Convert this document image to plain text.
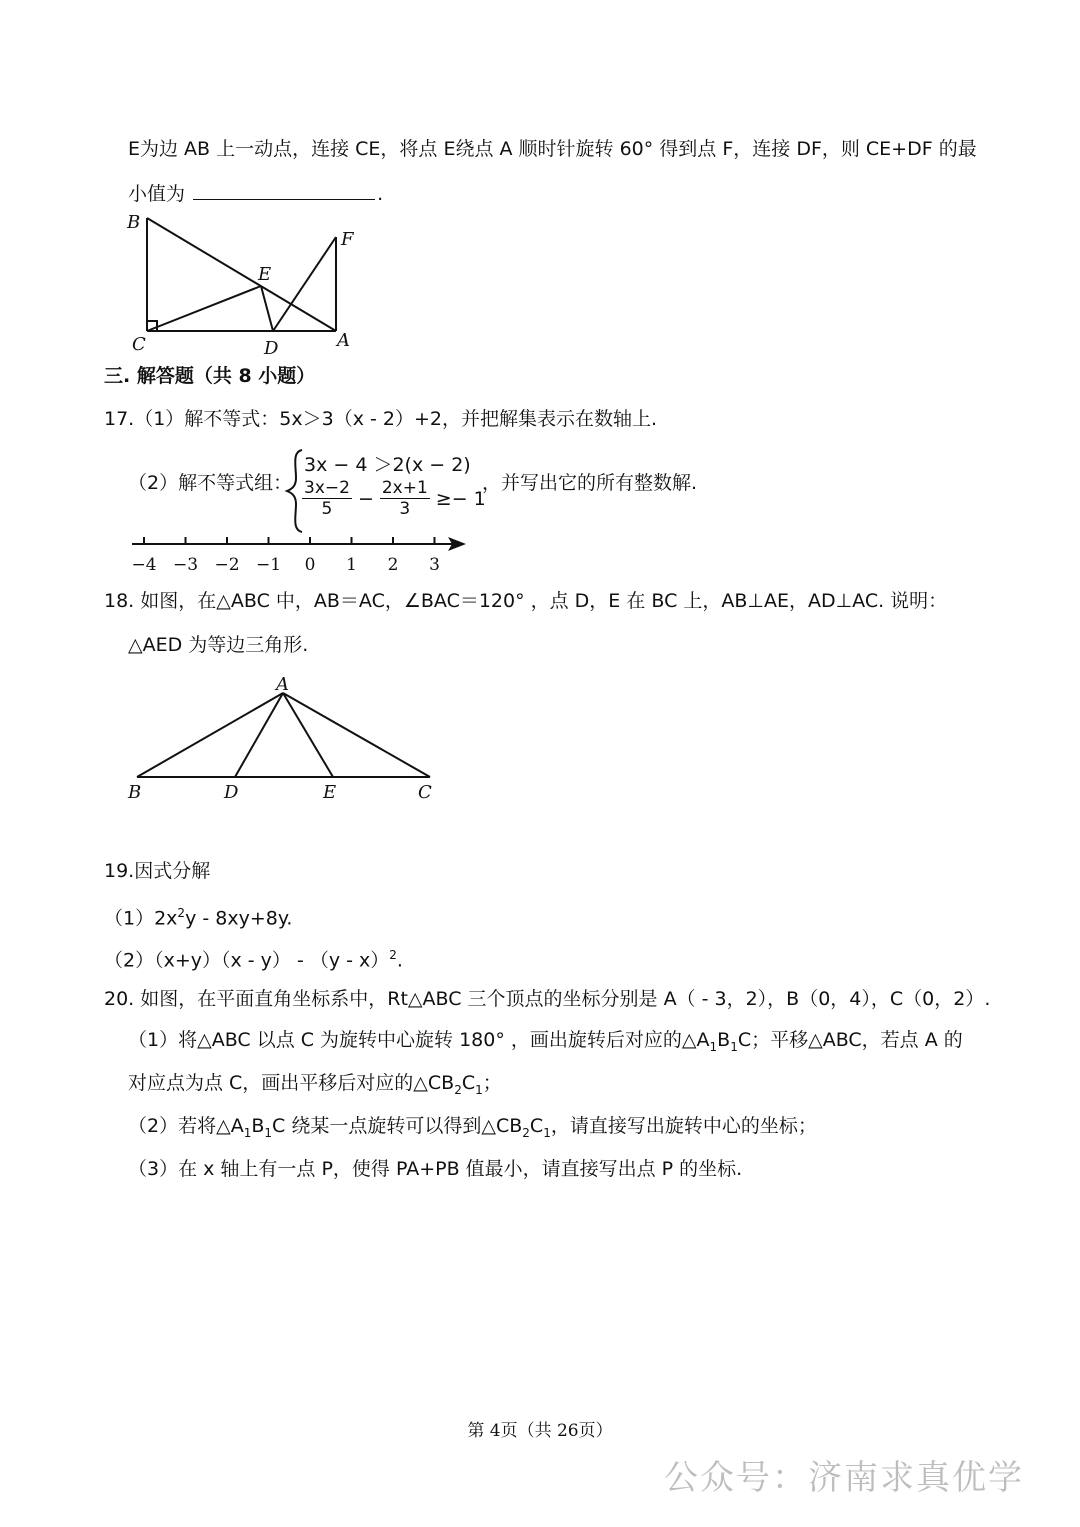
E为边 AB 上一动点，连接 CE，将点 E绕点 A 顺时针旋转 60° 得到点 F，连接 DF，则 CE+DF 的最
小值为	.
B
F
E
C	D	A
三. 解答题（共 8 小题）
17.（1）解不等式：5x＞3（x - 2）+2，并把解集表示在数轴上.
（2）解不等式组：
3x − 4 ＞2(x − 2)
$\frac{3x-2}{5} - \frac{2x+1}{3} \ge- 1$
，并写出它的所有整数解.
−4 −3 −2 −1 0 1 2 3
18. 如图，在△ABC 中，AB＝AC，∠BAC＝120° ，点 D，E 在 BC 上，AB⊥AE，AD⊥AC. 说明：
△AED 为等边三角形.
A
B	D	E	C
19.因式分解
$(1)2x^2y - 8xy+8y$.
（2）（x+y）（x - y） - （y - x）$^2$.
20. 如图，在平面直角坐标系中，Rt△ABC 三个顶点的坐标分别是 A（ - 3，2），B（0，4），C（0，2）.
（1）将△ABC 以点 C 为旋转中心旋转 180° ，画出旋转后对应的$\triangle A_1B_1C$；平移△ABC，若点 A 的
对应点为点 C，画出平移后对应的$\triangle CB_2C_1$；
（2）若将$\triangle A_1B_1C$ 绕某一点旋转可以得到$\triangle CB_2C_1$，请直接写出旋转中心的坐标；
（3）在 x 轴上有一点 P，使得 PA+PB 值最小，请直接写出点 P 的坐标.
第 4页（共 26页）
公众号：济南求真优学
